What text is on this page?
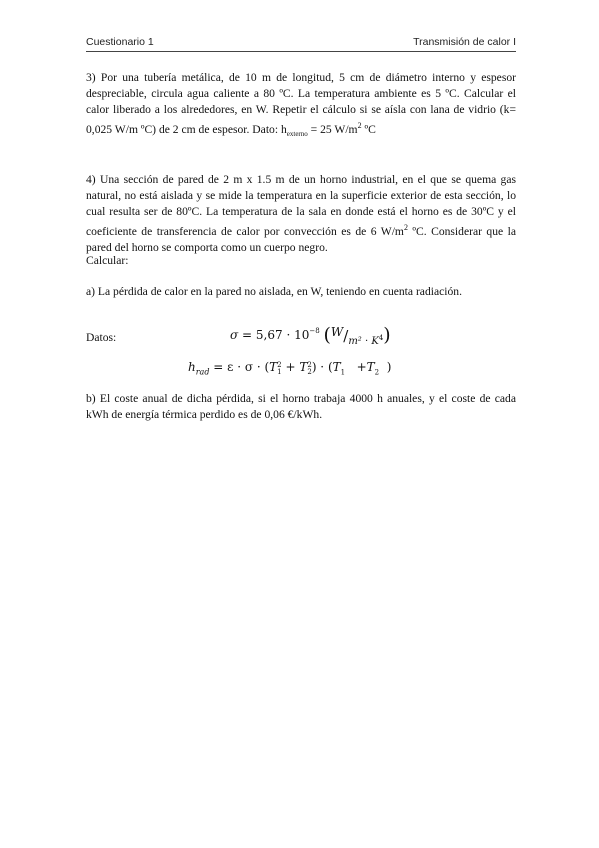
Cuestionario 1	Transmisión de calor I
3) Por una tubería metálica, de 10 m de longitud, 5 cm de diámetro interno y espesor despreciable, circula agua caliente a 80 ºC. La temperatura ambiente es 5 ºC. Calcular el calor liberado a los alrededores, en W. Repetir el cálculo si se aísla con lana de vidrio (k= 0,025 W/m ºC) de 2 cm de espesor. Dato: $h_{externo} = 25$ $W/m^2$ ºC
4) Una sección de pared de 2 m x 1.5 m de un horno industrial, en el que se quema gas natural, no está aislada y se mide la temperatura en la superficie exterior de esta sección, lo cual resulta ser de 80ºC. La temperatura de la sala en donde está el horno es de 30ºC y el coeficiente de transferencia de calor por convección es de 6 $W/m^2$ ºC. Considerar que la pared del horno se comporta como un cuerpo negro.
Calcular:
a) La pérdida de calor en la pared no aislada, en W, teniendo en cuenta radiación.
Datos:	$\sigma = 5,67 \cdot 10^{-8}$ $(W/_{m^2 \cdot K}4)$
$h_{rad} = \varepsilon \cdot \sigma \cdot (T$ 2
1 + T 2
2 ) · ($T_1 +T_2$  )
b) El coste anual de dicha pérdida, si el horno trabaja 4000 h anuales, y el coste de cada kWh de energía térmica perdido es de 0,06 €/kWh.
